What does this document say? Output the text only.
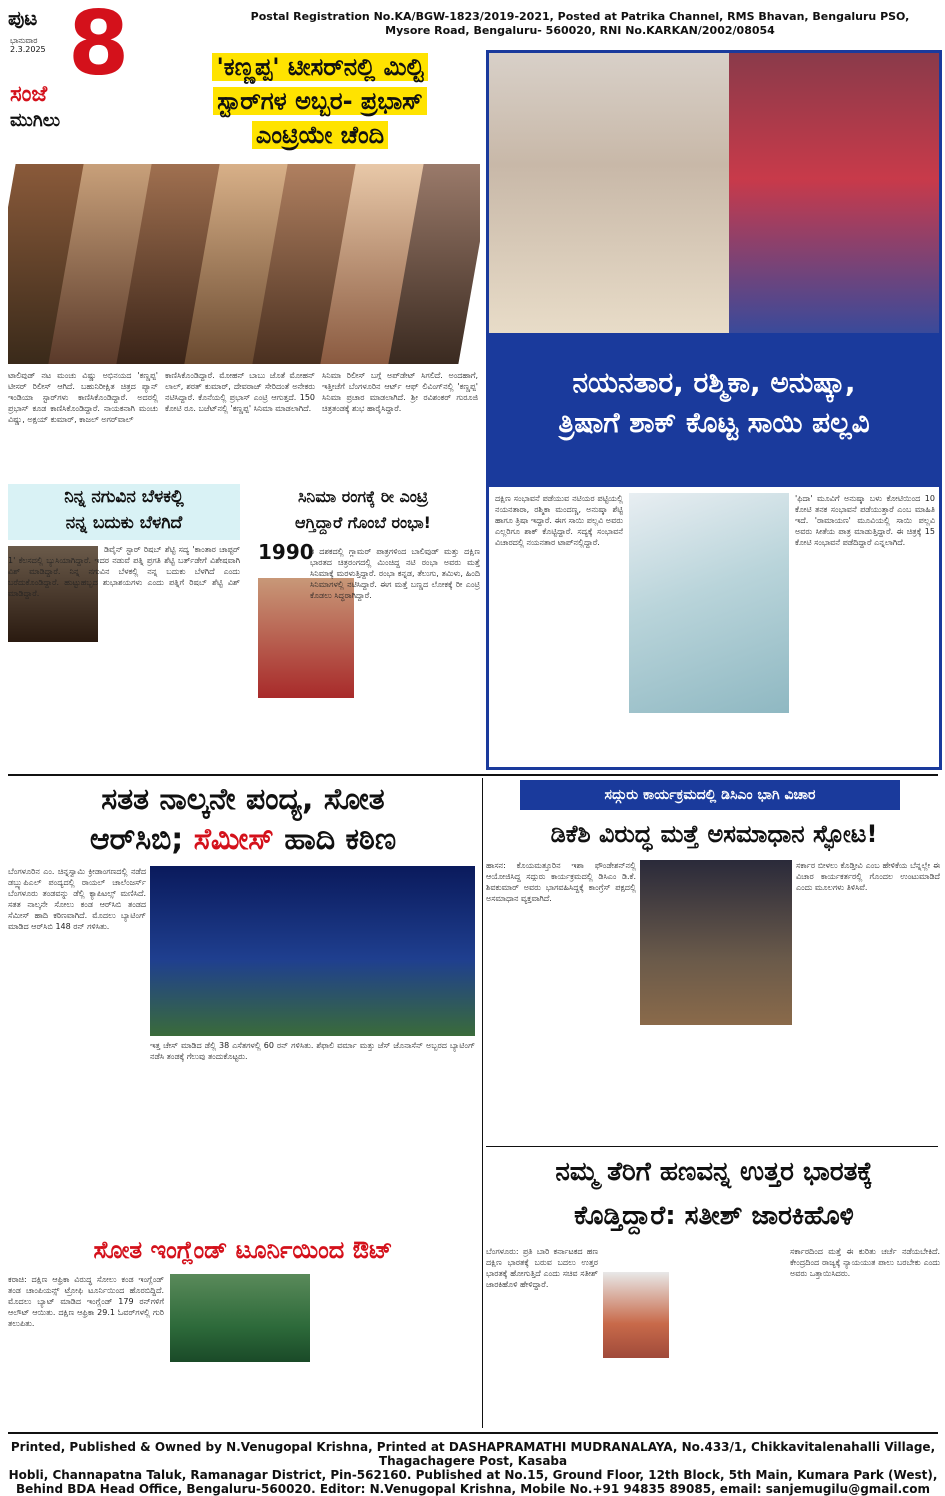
ಪುಟ
ಭಾನುವಾರ
2.3.2025 8
ಸಂಜೆ
ಮುಗಿಲು
Postal Registration No.KA/BGW-1823/2019-2021, Posted at Patrika Channel, RMS Bhavan, Bengaluru PSO, Mysore Road, Bengaluru- 560020, RNI No.KARKAN/2002/08054
'ಕಣ್ಣಪ್ಪ' ಟೀಸರ್‌ನಲ್ಲಿ ಮಿಲ್ಟಿ
ಸ್ಟಾರ್‌ಗಳ ಅಬ್ಬರ- ಪ್ರಭಾಸ್
ಎಂಟ್ರಿಯೇ ಚೆಂದಿ
ಟಾಲಿವುಡ್ ನಟ ಮಂಚು ವಿಷ್ಣು ಅಭಿನಯದ 'ಕಣ್ಣಪ್ಪ' ಟೀಸರ್ ರಿಲೀಸ್ ಆಗಿದೆ. ಬಹುನಿರೀಕ್ಷಿತ ಚಿತ್ರದ ಪ್ಯಾನ್ ಇಂಡಿಯಾ ಸ್ಟಾರ್‌ಗಳು ಕಾಣಿಸಿಕೊಂಡಿದ್ದಾರೆ. ಅದರಲ್ಲಿ ಪ್ರಭಾಸ್ ಕೂಡ ಕಾಣಿಸಿಕೊಂಡಿದ್ದಾರೆ. ನಾಯಕನಾಗಿ ಮಂಚು ವಿಷ್ಣು, ಅಕ್ಷಯ್ ಕುಮಾರ್, ಕಾಜಲ್ ಅಗರ್‌ವಾಲ್
ಕಾಣಿಸಿಕೊಂಡಿದ್ದಾರೆ. ಮೋಹನ್ ಬಾಬು ಜೊತೆ ಮೋಹನ್ ಲಾಲ್, ಶರತ್ ಕುಮಾರ್, ದೇವರಾಜ್ ಸೇರಿದಂತೆ ಅನೇಕರು ನಟಿಸಿದ್ದಾರೆ. ಕೊನೆಯಲ್ಲಿ ಪ್ರಭಾಸ್ ಎಂಟ್ರಿ ಆಗುತ್ತದೆ. 150 ಕೋಟಿ ರೂ. ಬಜೆಟ್‌ನಲ್ಲಿ 'ಕಣ್ಣಪ್ಪ' ಸಿನಿಮಾ ಮಾಡಲಾಗಿದೆ.
ಸಿನಿಮಾ ರಿಲೀಸ್ ಬಗ್ಗೆ ಅಪ್‌ಡೇಟ್ ಸಿಗಲಿದೆ. ಅಂದಹಾಗೆ, ಇತ್ತೀಚೆಗೆ ಬೆಂಗಳೂರಿನ ಆರ್ಟ್ ಆಫ್ ಲಿವಿಂಗ್‌ನಲ್ಲಿ 'ಕಣ್ಣಪ್ಪ' ಸಿನಿಮಾ ಪ್ರಚಾರ ಮಾಡಲಾಗಿದೆ. ಶ್ರೀ ರವಿಶಂಕರ್ ಗುರೂಜಿ ಚಿತ್ರತಂಡಕ್ಕೆ ಶುಭ ಹಾರೈಸಿದ್ದಾರೆ.
ನಯನತಾರ, ರಶ್ಮಿಕಾ, ಅನುಷ್ಕಾ,
ತ್ರಿಷಾಗೆ ಶಾಕ್ ಕೊಟ್ಟ ಸಾಯಿ ಪಲ್ಲವಿ
ದಕ್ಷಿಣ ಸಂಭಾವನೆ ಪಡೆಯುವ ನಟಿಯರ ಪಟ್ಟಿಯಲ್ಲಿ ನಯನತಾರಾ, ರಶ್ಮಿಕಾ ಮಂದಣ್ಣ, ಅನುಷ್ಕಾ ಶೆಟ್ಟಿ ಹಾಗೂ ತ್ರಿಷಾ ಇದ್ದಾರೆ. ಈಗ ಸಾಯಿ ಪಲ್ಲವಿ ಅವರು ಎಲ್ಲರಿಗೂ ಶಾಕ್ ಕೊಟ್ಟಿದ್ದಾರೆ. ಸದ್ಯಕ್ಕೆ ಸಂಭಾವನೆ ವಿಚಾರದಲ್ಲಿ ನಯನತಾರ ಟಾಪ್‌ನಲ್ಲಿದ್ದಾರೆ.
'ಫಿದಾ' ಮೂವಿಗೆ ಅನುಷ್ಕಾ ಬಳು ಕೋಟಿಯಿಂದ 10 ಕೋಟಿ ತನಕ ಸಂಭಾವನೆ ಪಡೆಯುತ್ತಾರೆ ಎಂಬ ಮಾಹಿತಿ ಇದೆ. 'ರಾಮಾಯಣ' ಮೂವಿಯಲ್ಲಿ ಸಾಯಿ ಪಲ್ಲವಿ ಅವರು ಸೀತೆಯ ಪಾತ್ರ ಮಾಡುತ್ತಿದ್ದಾರೆ. ಈ ಚಿತ್ರಕ್ಕೆ 15 ಕೋಟಿ ಸಂಭಾವನೆ ಪಡೆದಿದ್ದಾರೆ ಎನ್ನಲಾಗಿದೆ.
ನಿನ್ನ ನಗುವಿನ ಬೆಳಕಲ್ಲಿ
ನನ್ನ ಬದುಕು ಬೆಳಗಿದೆ
ಡಿವೈನ್ ಸ್ಟಾರ್ ರಿಷಬ್ ಶೆಟ್ಟಿ ಸದ್ಯ 'ಕಾಂತಾರ ಚಾಪ್ಟರ್ 1' ಕೆಲಸದಲ್ಲಿ ಬ್ಯುಸಿಯಾಗಿದ್ದಾರೆ. ಇದರ ನಡುವೆ ಪತ್ನಿ ಪ್ರಗತಿ ಶೆಟ್ಟಿ ಬರ್ತ್‌ಡೇಗೆ ವಿಶೇಷವಾಗಿ ವಿಶ್ ಮಾಡಿದ್ದಾರೆ. ನಿನ್ನ ನಗುವಿನ ಬೆಳಕಲ್ಲಿ ನನ್ನ ಬದುಕು ಬೆಳಗಿದೆ ಎಂದು ಬರೆದುಕೊಂಡಿದ್ದಾರೆ. ಹುಟ್ಟುಹಬ್ಬದ ಶುಭಾಶಯಗಳು ಎಂದು ಪತ್ನಿಗೆ ರಿಷಬ್ ಶೆಟ್ಟಿ ವಿಶ್ ಮಾಡಿದ್ದಾರೆ.
ಸಿನಿಮಾ ರಂಗಕ್ಕೆ ರೀ ಎಂಟ್ರಿ
ಆಗ್ತಿದ್ದಾರೆ ಗೊಂಬೆ ರಂಭಾ!
1990
ರ ದಶಕದಲ್ಲಿ ಗ್ಲಾಮರ್ ಪಾತ್ರಗಳಿಂದ ಬಾಲಿವುಡ್ ಮತ್ತು ದಕ್ಷಿಣ ಭಾರತದ ಚಿತ್ರರಂಗದಲ್ಲಿ ಮಿಂಚಿದ್ದ ನಟಿ ರಂಭಾ ಅವರು ಮತ್ತೆ ಸಿನಿಮಾಕ್ಕೆ ಮರಳುತ್ತಿದ್ದಾರೆ. ರಂಭಾ ಕನ್ನಡ, ತೆಲುಗು, ತಮಿಳು, ಹಿಂದಿ ಸಿನಿಮಾಗಳಲ್ಲಿ ನಟಿಸಿದ್ದಾರೆ. ಈಗ ಮತ್ತೆ ಬಣ್ಣದ ಲೋಕಕ್ಕೆ ರೀ ಎಂಟ್ರಿ ಕೊಡಲು ಸಿದ್ಧರಾಗಿದ್ದಾರೆ.
ಸತತ ನಾಲ್ಕನೇ ಪಂದ್ಯ, ಸೋತ
ಆರ್‌ಸಿಬಿ; ಸೆಮೀಸ್ ಹಾದಿ ಕಠಿಣ
ಬೆಂಗಳೂರಿನ ಎಂ. ಚಿನ್ನಸ್ವಾಮಿ ಕ್ರೀಡಾಂಗಣದಲ್ಲಿ ನಡೆದ ಡಬ್ಲ್ಯುಪಿಎಲ್ ಪಂದ್ಯದಲ್ಲಿ ರಾಯಲ್ ಚಾಲೆಂಜರ್ಸ್ ಬೆಂಗಳೂರು ತಂಡವನ್ನು ಡೆಲ್ಲಿ ಕ್ಯಾಪಿಟಲ್ಸ್ ಮಣಿಸಿದೆ. ಸತತ ನಾಲ್ಕನೇ ಸೋಲು ಕಂಡ ಆರ್‌ಸಿಬಿ ತಂಡದ ಸೆಮೀಸ್ ಹಾದಿ ಕಠಿಣವಾಗಿದೆ. ಮೊದಲು ಬ್ಯಾಟಿಂಗ್ ಮಾಡಿದ ಆರ್‌ಸಿಬಿ 148 ರನ್ ಗಳಿಸಿತು.
ಇತ್ತ ಚೇಸ್ ಮಾಡಿದ ಡೆಲ್ಲಿ 38 ಎಸೆತಗಳಲ್ಲಿ 60 ರನ್ ಗಳಿಸಿತು. ಶೆಫಾಲಿ ವರ್ಮಾ ಮತ್ತು ಜೆಸ್ ಜೊನಾಸೆನ್ ಅಬ್ಬರದ ಬ್ಯಾಟಿಂಗ್ ನಡೆಸಿ ತಂಡಕ್ಕೆ ಗೆಲುವು ತಂದುಕೊಟ್ಟರು.
ಸೋತ ಇಂಗ್ಲೆಂಡ್ ಟೂರ್ನಿಯಿಂದ ಔಟ್
ಕರಾಚಿ: ದಕ್ಷಿಣ ಆಫ್ರಿಕಾ ವಿರುದ್ಧ ಸೋಲು ಕಂಡ ಇಂಗ್ಲೆಂಡ್ ತಂಡ ಚಾಂಪಿಯನ್ಸ್ ಟ್ರೋಫಿ ಟೂರ್ನಿಯಿಂದ ಹೊರಬಿದ್ದಿದೆ. ಮೊದಲು ಬ್ಯಾಟ್ ಮಾಡಿದ ಇಂಗ್ಲೆಂಡ್ 179 ರನ್‌ಗಳಿಗೆ ಆಲೌಟ್ ಆಯಿತು. ದಕ್ಷಿಣ ಆಫ್ರಿಕಾ 29.1 ಓವರ್‌ಗಳಲ್ಲಿ ಗುರಿ ತಲುಪಿತು.
ಸದ್ಗುರು ಕಾರ್ಯಕ್ರಮದಲ್ಲಿ ಡಿಸಿಎಂ ಭಾಗಿ ವಿಚಾರ
ಡಿಕೆಶಿ ವಿರುದ್ಧ ಮತ್ತೆ ಅಸಮಾಧಾನ ಸ್ಫೋಟ!
ಹಾಸನ: ಕೊಯಮತ್ತೂರಿನ ಇಶಾ ಫೌಂಡೇಶನ್‌ನಲ್ಲಿ ಆಯೋಜಿಸಿದ್ದ ಸದ್ಗುರು ಕಾರ್ಯಕ್ರಮದಲ್ಲಿ ಡಿಸಿಎಂ ಡಿ.ಕೆ. ಶಿವಕುಮಾರ್ ಅವರು ಭಾಗವಹಿಸಿದ್ದಕ್ಕೆ ಕಾಂಗ್ರೆಸ್ ಪಕ್ಷದಲ್ಲಿ ಅಸಮಾಧಾನ ವ್ಯಕ್ತವಾಗಿದೆ.
ಸರ್ಕಾರ ಬೀಳಲು ಕೊಡ್ತೀವಿ ಎಂಬ ಹೇಳಿಕೆಯ ಬೆನ್ನಲ್ಲೇ ಈ ವಿಚಾರ ಕಾರ್ಯಕರ್ತರಲ್ಲಿ ಗೊಂದಲ ಉಂಟುಮಾಡಿದೆ ಎಂದು ಮೂಲಗಳು ತಿಳಿಸಿವೆ.
ನಮ್ಮ ತೆರಿಗೆ ಹಣವನ್ನ ಉತ್ತರ ಭಾರತಕ್ಕೆ
ಕೊಡ್ತಿದ್ದಾರೆ: ಸತೀಶ್ ಜಾರಕಿಹೊಳಿ
ಬೆಂಗಳೂರು: ಪ್ರತಿ ಬಾರಿ ಕರ್ನಾಟಕದ ಹಣ ದಕ್ಷಿಣ ಭಾರತಕ್ಕೆ ಬರುವ ಬದಲು ಉತ್ತರ ಭಾರತಕ್ಕೆ ಹೋಗುತ್ತಿದೆ ಎಂದು ಸಚಿವ ಸತೀಶ್ ಜಾರಕಿಹೊಳಿ ಹೇಳಿದ್ದಾರೆ.
ಸರ್ಕಾರದಿಂದ ಮತ್ತೆ ಈ ಕುರಿತು ಚರ್ಚೆ ನಡೆಯಬೇಕಿದೆ. ಕೇಂದ್ರದಿಂದ ರಾಜ್ಯಕ್ಕೆ ನ್ಯಾಯಯುತ ಪಾಲು ಬರಬೇಕು ಎಂದು ಅವರು ಒತ್ತಾಯಿಸಿದರು.
Printed, Published & Owned by N.Venugopal Krishna, Printed at DASHAPRAMATHI MUDRANALAYA, No.433/1, Chikkavitalenahalli Village, Thagachagere Post, Kasaba
Hobli, Channapatna Taluk, Ramanagar District, Pin-562160. Published at No.15, Ground Floor, 12th Block, 5th Main, Kumara Park (West),
Behind BDA Head Office, Bengaluru-560020. Editor: N.Venugopal Krishna, Mobile No.+91 94835 89085, email: sanjemugilu@gmail.com
